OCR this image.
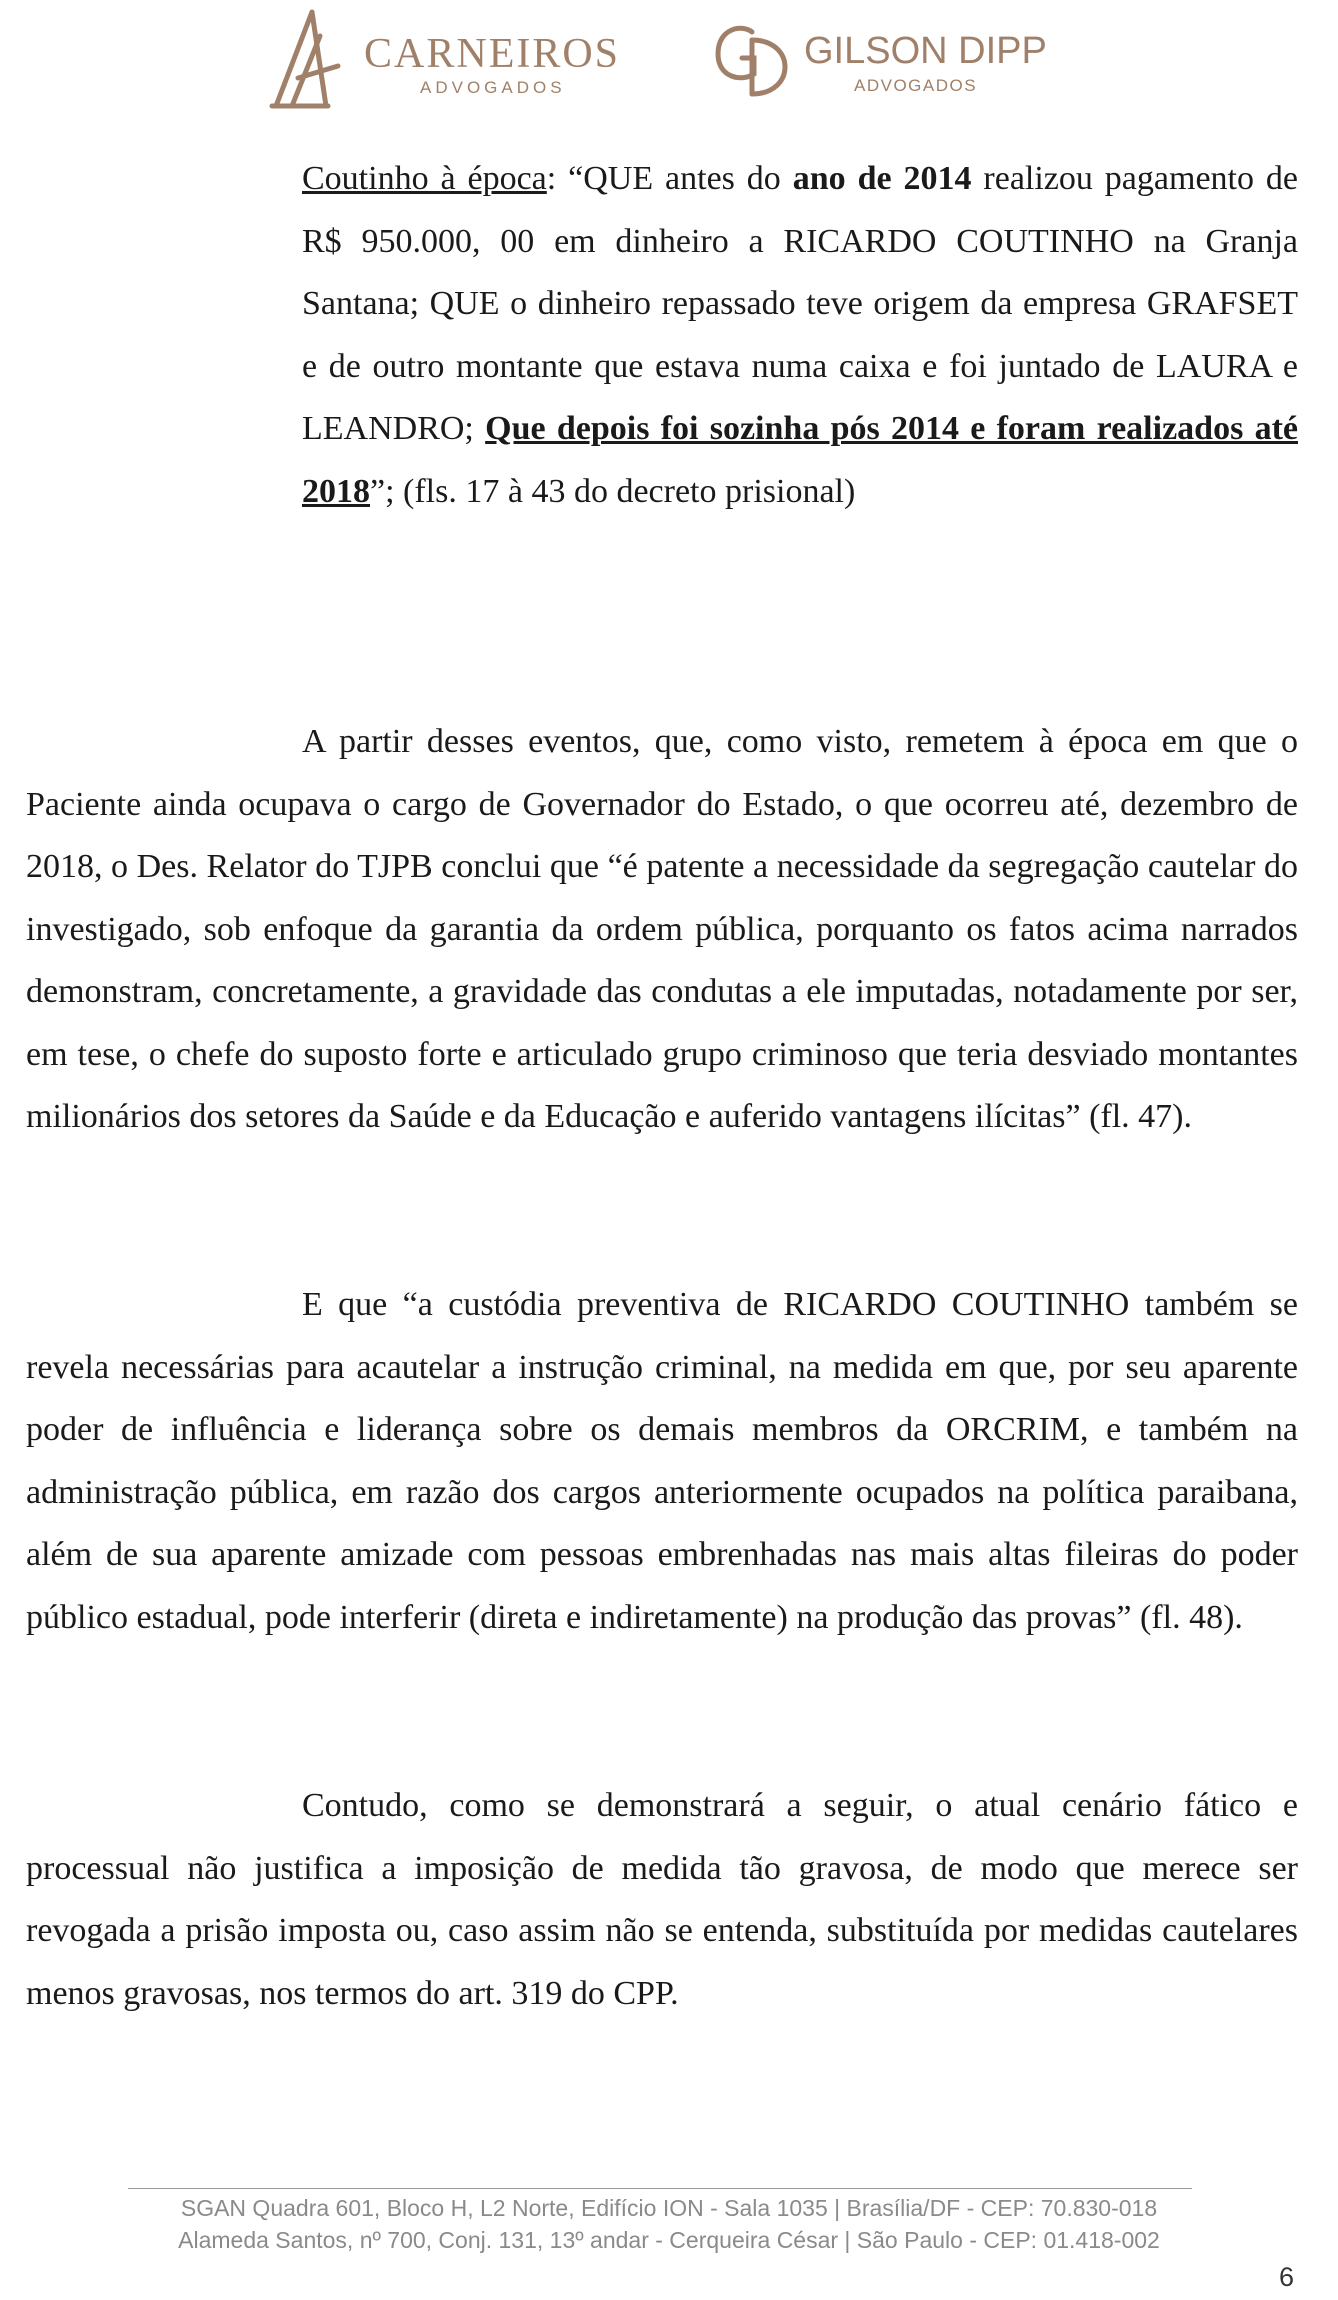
CARNEIROS
ADVOGADOS
GILSON DIPP
ADVOGADOS

Coutinho à época: “QUE antes do ano de 2014 realizou pagamento de R$ 950.000, 00 em dinheiro a RICARDO COUTINHO na Granja Santana; QUE o dinheiro repassado teve origem da empresa GRAFSET e de outro montante que estava numa caixa e foi juntado de LAURA e LEANDRO; Que depois foi sozinha pós 2014 e foram realizados até 2018”; (fls. 17 à 43 do decreto prisional)

A partir desses eventos, que, como visto, remetem à época em que o Paciente ainda ocupava o cargo de Governador do Estado, o que ocorreu até, dezembro de 2018, o Des. Relator do TJPB conclui que “é patente a necessidade da segregação cautelar do investigado, sob enfoque da garantia da ordem pública, porquanto os fatos acima narrados demonstram, concretamente, a gravidade das condutas a ele imputadas, notadamente por ser, em tese, o chefe do suposto forte e articulado grupo criminoso que teria desviado montantes milionários dos setores da Saúde e da Educação e auferido vantagens ilícitas” (fl. 47).

E que “a custódia preventiva de RICARDO COUTINHO também se revela necessárias para acautelar a instrução criminal, na medida em que, por seu aparente poder de influência e liderança sobre os demais membros da ORCRIM, e também na administração pública, em razão dos cargos anteriormente ocupados na política paraibana, além de sua aparente amizade com pessoas embrenhadas nas mais altas fileiras do poder público estadual, pode interferir (direta e indiretamente) na produção das provas” (fl. 48).

Contudo, como se demonstrará a seguir, o atual cenário fático e processual não justifica a imposição de medida tão gravosa, de modo que merece ser revogada a prisão imposta ou, caso assim não se entenda, substituída por medidas cautelares menos gravosas, nos termos do art. 319 do CPP.

SGAN Quadra 601, Bloco H, L2 Norte, Edifício ION - Sala 1035 | Brasília/DF - CEP: 70.830-018
Alameda Santos, nº 700, Conj. 131, 13º andar - Cerqueira César | São Paulo - CEP: 01.418-002
6
